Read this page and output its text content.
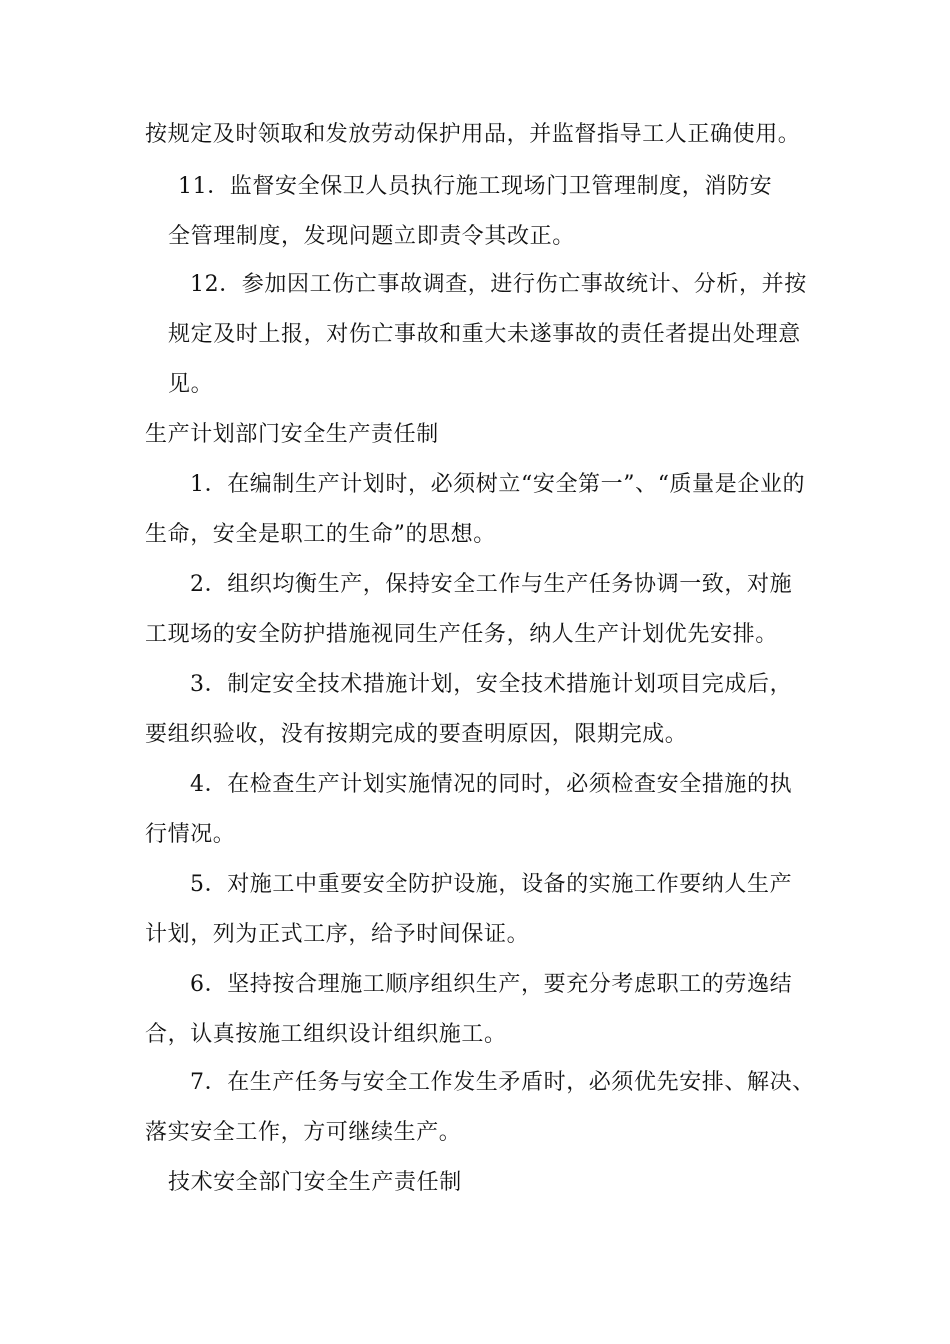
按规定及时领取和发放劳动保护用品，并监督指导工人正确使用。
11．监督安全保卫人员执行施工现场门卫管理制度，消防安
全管理制度，发现问题立即责令其改正。
12．参加因工伤亡事故调查，进行伤亡事故统计、分析，并按
规定及时上报，对伤亡事故和重大未遂事故的责任者提出处理意
见。
生产计划部门安全生产责任制
1．在编制生产计划时，必须树立“安全第一”、“质量是企业的
生命，安全是职工的生命”的思想。
2．组织均衡生产，保持安全工作与生产任务协调一致，对施
工现场的安全防护措施视同生产任务，纳人生产计划优先安排。
3．制定安全技术措施计划，安全技术措施计划项目完成后，
要组织验收，没有按期完成的要查明原因，限期完成。
4．在检查生产计划实施情况的同时，必须检查安全措施的执
行情况。
5．对施工中重要安全防护设施，设备的实施工作要纳人生产
计划，列为正式工序，给予时间保证。
6．坚持按合理施工顺序组织生产，要充分考虑职工的劳逸结
合，认真按施工组织设计组织施工。
7．在生产任务与安全工作发生矛盾时，必须优先安排、解决、
落实安全工作，方可继续生产。
技术安全部门安全生产责任制
